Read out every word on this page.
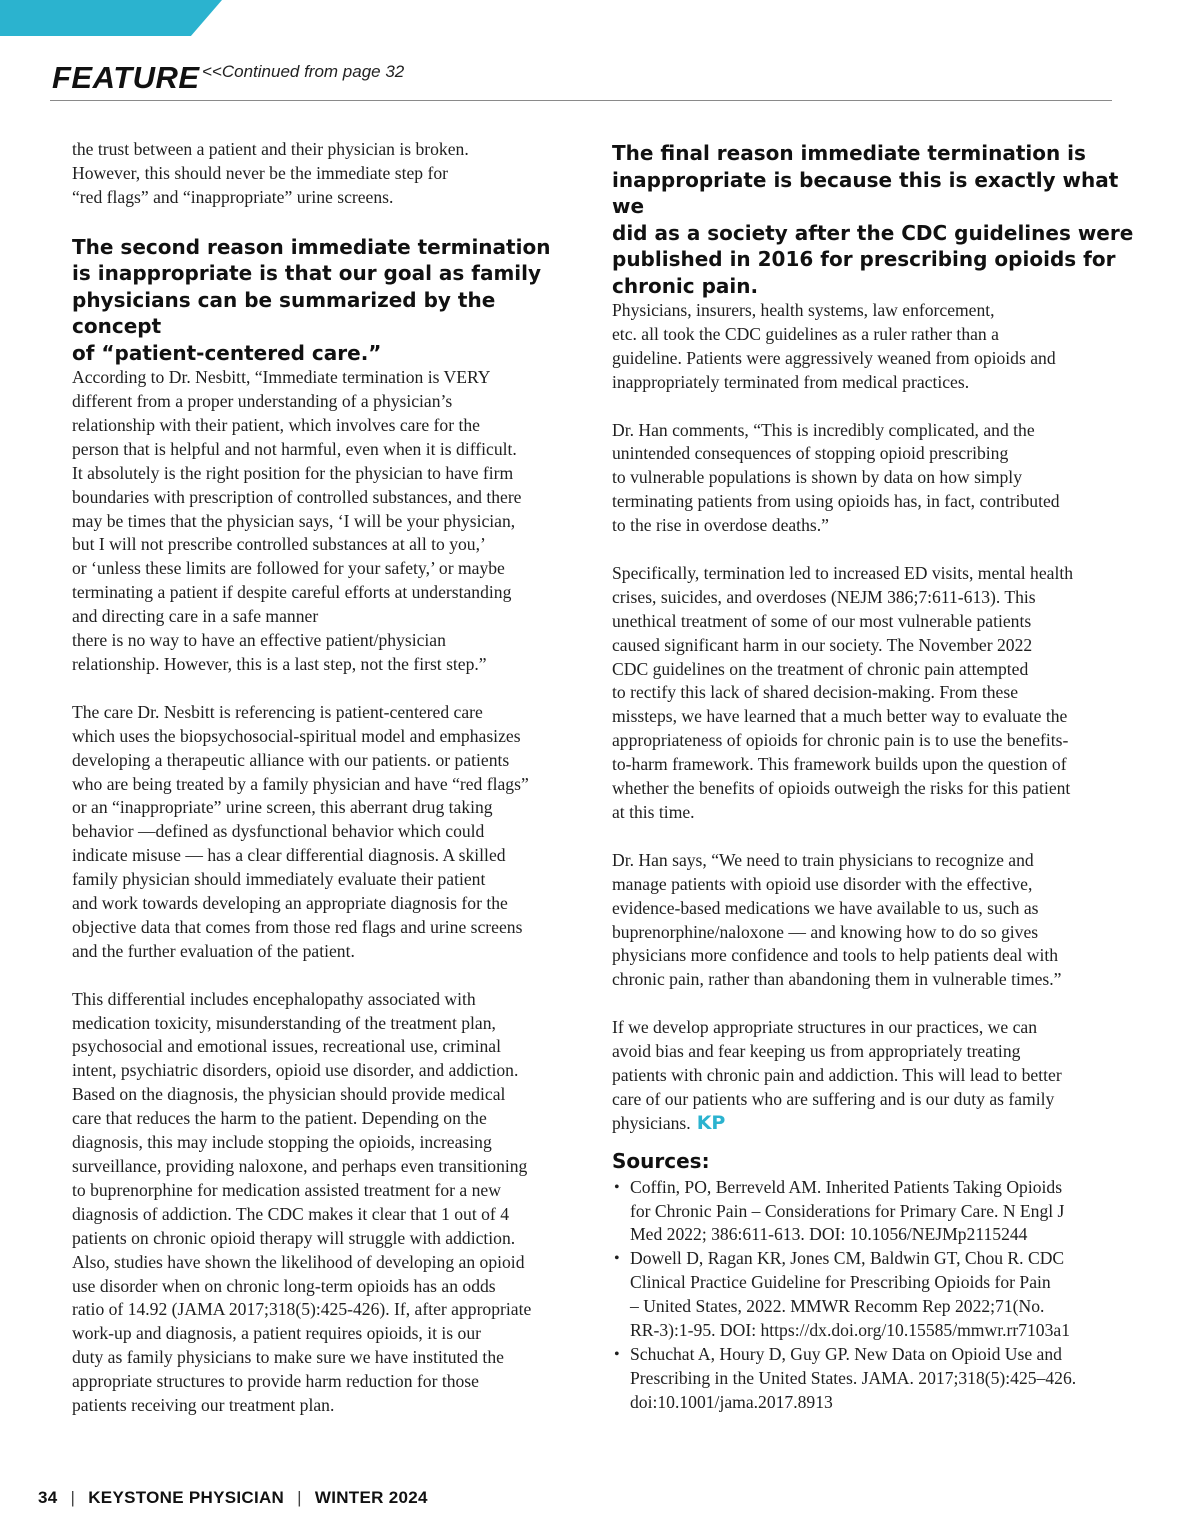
FEATURE <<Continued from page 32

the trust between a patient and their physician is broken.
However, this should never be the immediate step for
“red flags” and “inappropriate” urine screens.

The second reason immediate termination
is inappropriate is that our goal as family
physicians can be summarized by the concept
of “patient-centered care.”

According to Dr. Nesbitt, “Immediate termination is VERY
different from a proper understanding of a physician’s
relationship with their patient, which involves care for the
person that is helpful and not harmful, even when it is difficult.
It absolutely is the right position for the physician to have firm
boundaries with prescription of controlled substances, and there
may be times that the physician says, ‘I will be your physician,
but I will not prescribe controlled substances at all to you,’
or ‘unless these limits are followed for your safety,’ or maybe
terminating a patient if despite careful efforts at understanding
and directing care in a safe manner
there is no way to have an effective patient/physician
relationship. However, this is a last step, not the first step.”

The care Dr. Nesbitt is referencing is patient-centered care
which uses the biopsychosocial-spiritual model and emphasizes
developing a therapeutic alliance with our patients. or patients
who are being treated by a family physician and have “red flags”
or an “inappropriate” urine screen, this aberrant drug taking
behavior —defined as dysfunctional behavior which could
indicate misuse — has a clear differential diagnosis. A skilled
family physician should immediately evaluate their patient
and work towards developing an appropriate diagnosis for the
objective data that comes from those red flags and urine screens
and the further evaluation of the patient.

This differential includes encephalopathy associated with
medication toxicity, misunderstanding of the treatment plan,
psychosocial and emotional issues, recreational use, criminal
intent, psychiatric disorders, opioid use disorder, and addiction.
Based on the diagnosis, the physician should provide medical
care that reduces the harm to the patient. Depending on the
diagnosis, this may include stopping the opioids, increasing
surveillance, providing naloxone, and perhaps even transitioning
to buprenorphine for medication assisted treatment for a new
diagnosis of addiction. The CDC makes it clear that 1 out of 4
patients on chronic opioid therapy will struggle with addiction.
Also, studies have shown the likelihood of developing an opioid
use disorder when on chronic long-term opioids has an odds
ratio of 14.92 (JAMA 2017;318(5):425-426). If, after appropriate
work-up and diagnosis, a patient requires opioids, it is our
duty as family physicians to make sure we have instituted the
appropriate structures to provide harm reduction for those
patients receiving our treatment plan.

The final reason immediate termination is
inappropriate is because this is exactly what we
did as a society after the CDC guidelines were
published in 2016 for prescribing opioids for
chronic pain.

Physicians, insurers, health systems, law enforcement,
etc. all took the CDC guidelines as a ruler rather than a
guideline. Patients were aggressively weaned from opioids and
inappropriately terminated from medical practices.

Dr. Han comments, “This is incredibly complicated, and the
unintended consequences of stopping opioid prescribing
to vulnerable populations is shown by data on how simply
terminating patients from using opioids has, in fact, contributed
to the rise in overdose deaths.”

Specifically, termination led to increased ED visits, mental health
crises, suicides, and overdoses (NEJM 386;7:611-613). This
unethical treatment of some of our most vulnerable patients
caused significant harm in our society. The November 2022
CDC guidelines on the treatment of chronic pain attempted
to rectify this lack of shared decision-making. From these
missteps, we have learned that a much better way to evaluate the
appropriateness of opioids for chronic pain is to use the benefits-
to-harm framework. This framework builds upon the question of
whether the benefits of opioids outweigh the risks for this patient
at this time.

Dr. Han says, “We need to train physicians to recognize and
manage patients with opioid use disorder with the effective,
evidence-based medications we have available to us, such as
buprenorphine/naloxone — and knowing how to do so gives
physicians more confidence and tools to help patients deal with
chronic pain, rather than abandoning them in vulnerable times.”

If we develop appropriate structures in our practices, we can
avoid bias and fear keeping us from appropriately treating
patients with chronic pain and addiction. This will lead to better
care of our patients who are suffering and is our duty as family
physicians. KP

Sources:
• Coffin, PO, Berreveld AM. Inherited Patients Taking Opioids
for Chronic Pain – Considerations for Primary Care. N Engl J
Med 2022; 386:611-613. DOI: 10.1056/NEJMp2115244
• Dowell D, Ragan KR, Jones CM, Baldwin GT, Chou R. CDC
Clinical Practice Guideline for Prescribing Opioids for Pain
– United States, 2022. MMWR Recomm Rep 2022;71(No.
RR-3):1-95. DOI: https://dx.doi.org/10.15585/mmwr.rr7103a1
• Schuchat A, Houry D, Guy GP. New Data on Opioid Use and
Prescribing in the United States. JAMA. 2017;318(5):425–426.
doi:10.1001/jama.2017.8913
34 | KEYSTONE PHYSICIAN | WINTER 2024
